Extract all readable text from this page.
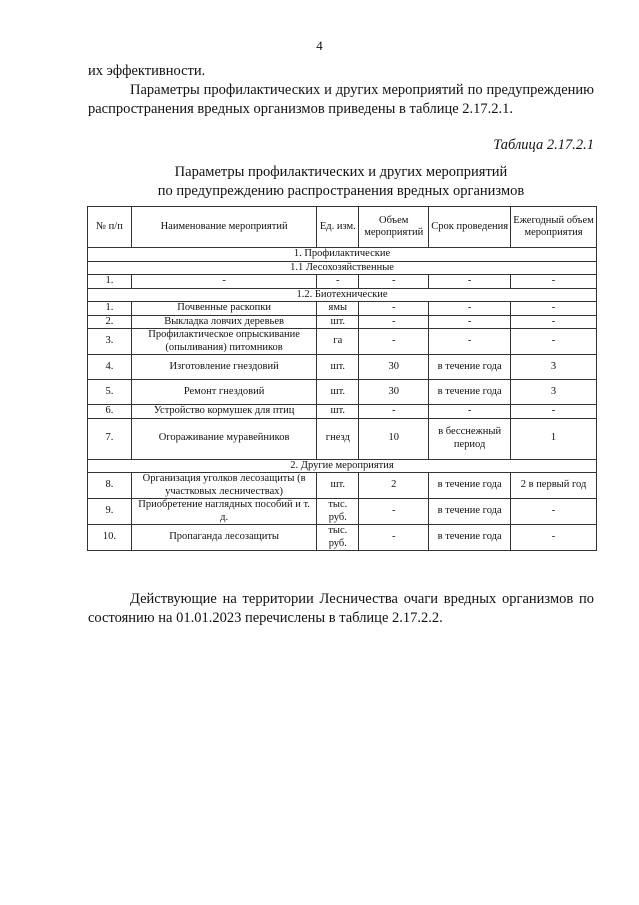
4
их эффективности.
Параметры профилактических и других мероприятий по предупреждению распространения вредных организмов приведены в таблице 2.17.2.1.
Таблица 2.17.2.1
Параметры профилактических и других мероприятий
по предупреждению распространения вредных организмов
№ п/п	Наименование мероприятий	Ед. изм.	Объем мероприятий	Срок проведения	Ежегодный объем мероприятия
1. Профилактические					
1.1 Лесохозяйственные					
1.	-	-	-	-	-
1.2. Биотехнические					
1.	Почвенные раскопки	ямы	-	-	-
2.	Выкладка ловчих деревьев	шт.	-	-	-
3.	Профилактическое опрыскивание (опыливания) питомников	га	-	-	-
4.	Изготовление гнездовий	шт.	30	в течение года	3
5.	Ремонт гнездовий	шт.	30	в течение года	3
6.	Устройство кормушек для птиц	шт.	-	-	-
7.	Огораживание муравейников	гнезд	10	в бесснежный период	1
2. Другие мероприятия					
8.	Организация уголков лесозащиты (в участковых лесничествах)	шт.	2	в течение года	2 в первый год
9.	Приобретение наглядных пособий и т. д.	тыс. руб.	-	в течение года	-
10.	Пропаганда лесозащиты	тыс. руб.	-	в течение года	-
Действующие на территории Лесничества очаги вредных организмов по состоянию на 01.01.2023 перечислены в таблице 2.17.2.2.
